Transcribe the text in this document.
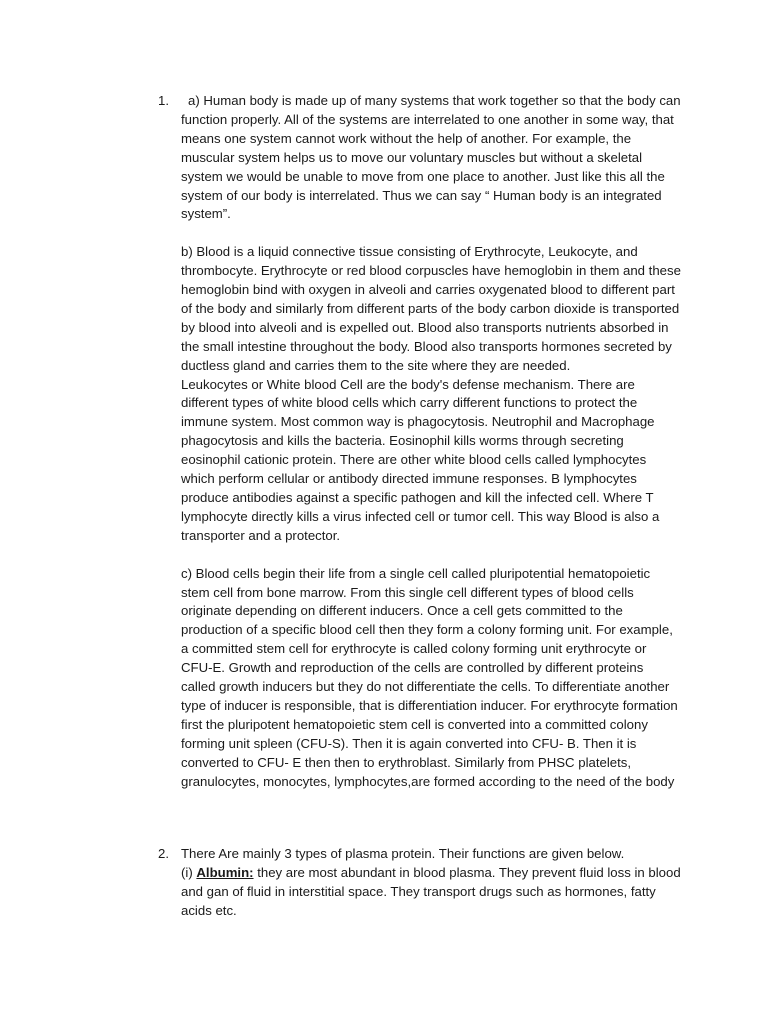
1.	a) Human body is made up of many systems that work together so that the body can function properly. All of the systems are interrelated to one another in some way, that means one system cannot work without the help of another. For example, the muscular system helps us to move our voluntary muscles but without a skeletal system we would be unable to move from one place to another. Just like this all the system of our body is interrelated. Thus we can say “ Human body is an integrated system”.

b) Blood is a liquid connective tissue consisting of Erythrocyte, Leukocyte, and thrombocyte. Erythrocyte or red blood corpuscles have hemoglobin in them and these hemoglobin bind with oxygen in alveoli and carries oxygenated blood to different part of the body and similarly from different parts of the body carbon dioxide is transported by blood into alveoli and is expelled out. Blood also transports nutrients absorbed in the small intestine throughout the body. Blood also transports hormones secreted by ductless gland and carries them to the site where they are needed.

Leukocytes or White blood Cell are the body's defense mechanism. There are different types of white blood cells which carry different functions to protect the immune system. Most common way is phagocytosis. Neutrophil and Macrophage phagocytosis and kills the bacteria. Eosinophil kills worms through secreting eosinophil cationic protein. There are other white blood cells called lymphocytes which perform cellular or antibody directed immune responses. B lymphocytes produce antibodies against a specific pathogen and kill the infected cell. Where T lymphocyte directly kills a virus infected cell or tumor cell. This way Blood is also a transporter and a protector.

c) Blood cells begin their life from a single cell called pluripotential hematopoietic stem cell from bone marrow. From this single cell different types of blood cells originate depending on different inducers. Once a cell gets committed to the production of a specific blood cell then they form a colony forming unit. For example, a committed stem cell for erythrocyte is called colony forming unit erythrocyte or CFU-E. Growth and reproduction of the cells are controlled by different proteins called growth inducers but they do not differentiate the cells. To differentiate another type of inducer is responsible, that is differentiation inducer. For erythrocyte formation first the pluripotent hematopoietic stem cell is converted into a committed colony forming unit spleen (CFU-S). Then it is again converted into CFU- B. Then it is converted to CFU- E then then to erythroblast. Similarly from PHSC platelets, granulocytes, monocytes, lymphocytes,are formed according to the need of the body

2. There Are mainly 3 types of plasma protein. Their functions are given below.

(i) Albumin: they are most abundant in blood plasma. They prevent fluid loss in blood and gan of fluid in interstitial space. They transport drugs such as hormones, fatty acids etc.
